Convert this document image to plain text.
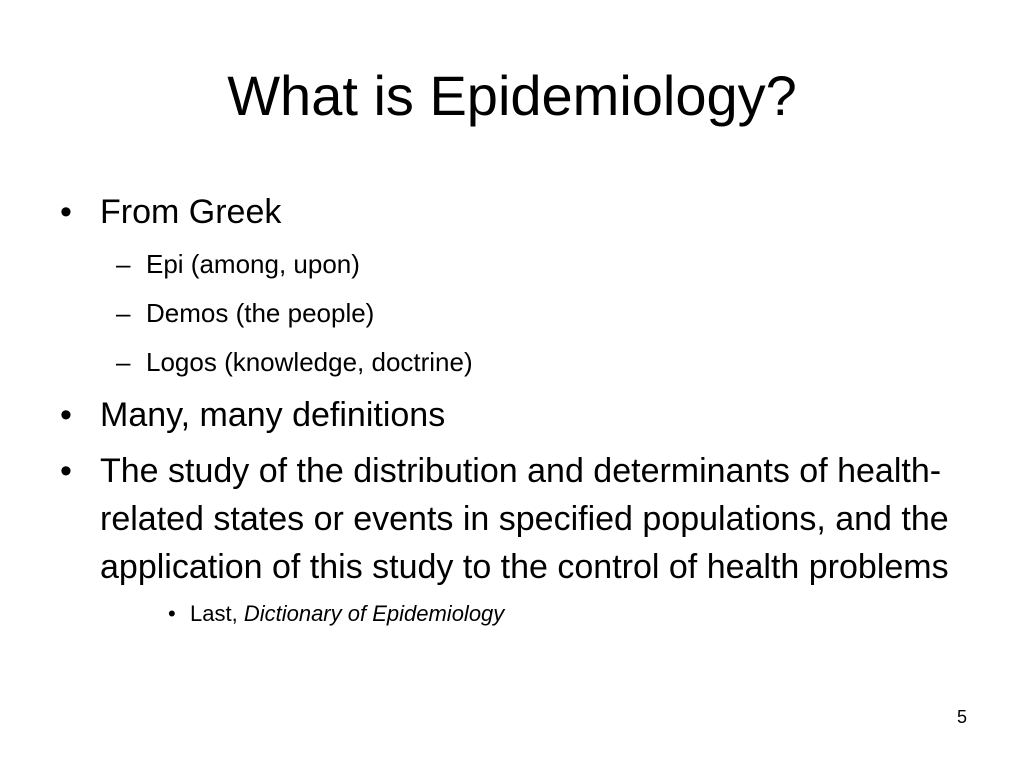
What is Epidemiology?
• From Greek
– Epi (among, upon)
– Demos (the people)
– Logos (knowledge, doctrine)
• Many, many definitions
• The study of the distribution and determinants of health-related states or events in specified populations, and the application of this study to the control of health problems
• Last, Dictionary of Epidemiology
5
